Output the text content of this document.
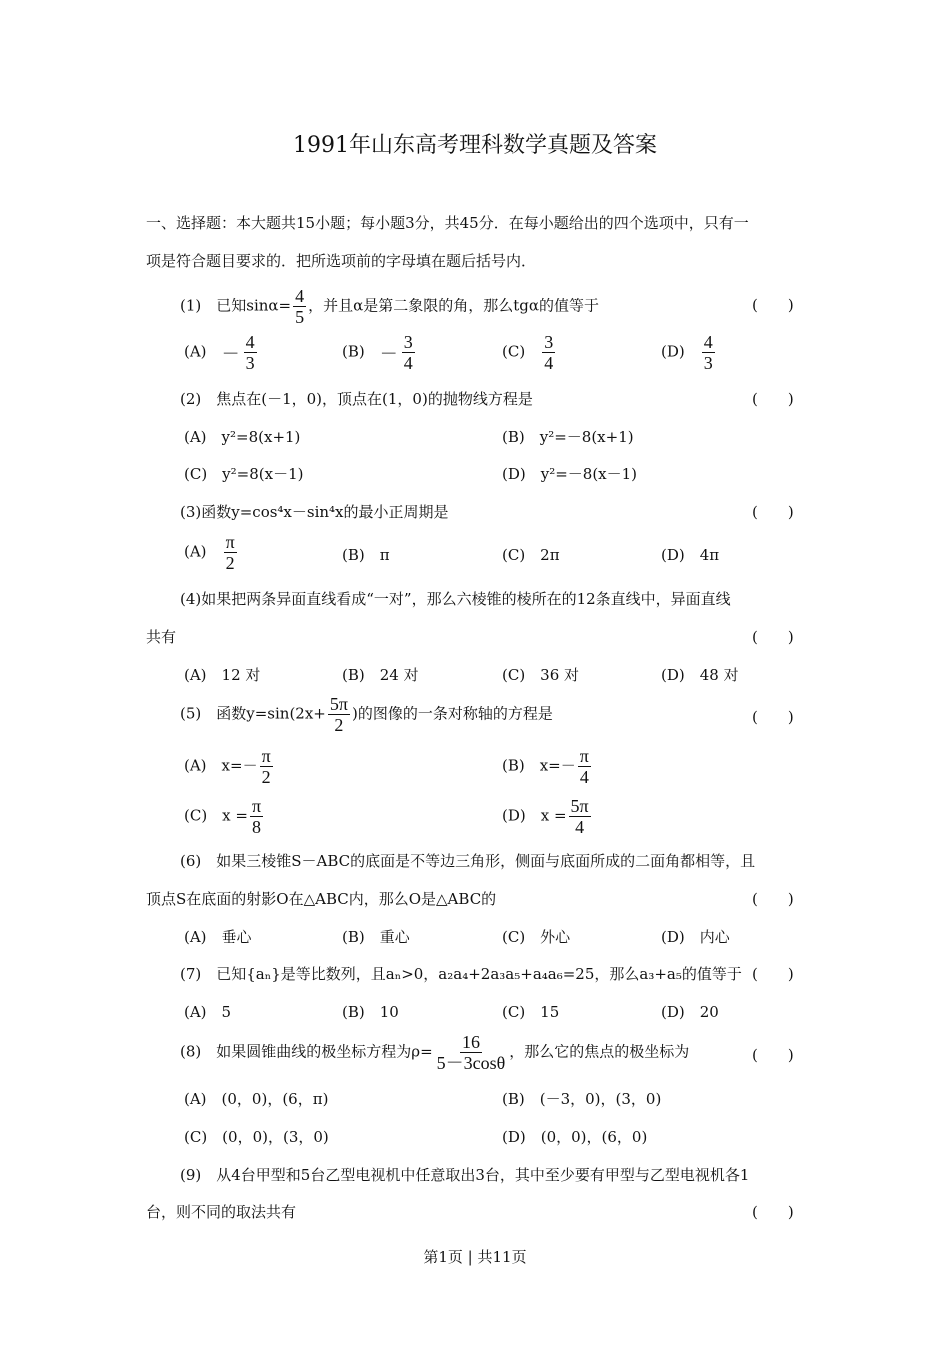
1991年山东高考理科数学真题及答案
一、选择题：本大题共15小题；每小题3分，共45分．在每小题给出的四个选项中，只有一
项是符合题目要求的．把所选项前的字母填在题后括号内．
(1)　已知$\sin\alpha= \frac{4}{5}$ ，并且α是第二象限的角，那么tgα的值等于	(　　)
(A)　 － $\frac{4}{3}$	(B)　 － $\frac{3}{4}$	(C)　 $\frac{3}{4}$	(D)　 $\frac{4}{3}$
(2)　焦点在(－1，0)，顶点在(1，0)的抛物线方程是	(　　)
(A)　y²=8(x+1)	(B)　y²=－8(x+1)
(C)　y²=8(x－1)	(D)　y²=－8(x－1)
(3)函数y=cos⁴x－sin⁴x的最小正周期是	(　　)
(A)　 $\frac{\pi}{2}$	(B)　π	(C)　2π	(D)　4π
(4)如果把两条异面直线看成“一对”，那么六棱锥的棱所在的12条直线中，异面直线
共有	(　　)
(A)　12 对	(B)　24 对	(C)　36 对	(D)　48 对
(5)　函数$y=\sin(2x+ \frac{5\pi}{2}$ )的图像的一条对称轴的方程是	(　　)
(A)　$x=- \frac{\pi}{2}$	(B)　$x=- \frac{\pi}{4}$
(C)　$x = \frac{\pi}{8}$	(D)　$x = \frac{5\pi}{4}$
(6)　如果三棱锥S－ABC的底面是不等边三角形，侧面与底面所成的二面角都相等，且
顶点S在底面的射影O在△ABC内，那么O是△ABC的	(　　)
(A)　垂心	(B)　重心	(C)　外心	(D)　内心
(7)　已知{aₙ}是等比数列，且aₙ>0，a₂a₄+2a₃a₅+a₄a₆=25，那么a₃+a₅的值等于 (　　)
(A)　5	(B)　10	(C)　15	(D)　20
(8)　如果圆锥曲线的极坐标方程为$\rho= \frac{16}{5-3\cos\theta}$ ，那么它的焦点的极坐标为	(　　)
(A)　(0，0)，(6，π)	(B)　(－3，0)，(3，0)
(C)　(0，0)，(3，0)	(D)　(0，0)，(6，0)
(9)　从4台甲型和5台乙型电视机中任意取出3台，其中至少要有甲型与乙型电视机各1
台，则不同的取法共有	(　　)
第1页 | 共11页
